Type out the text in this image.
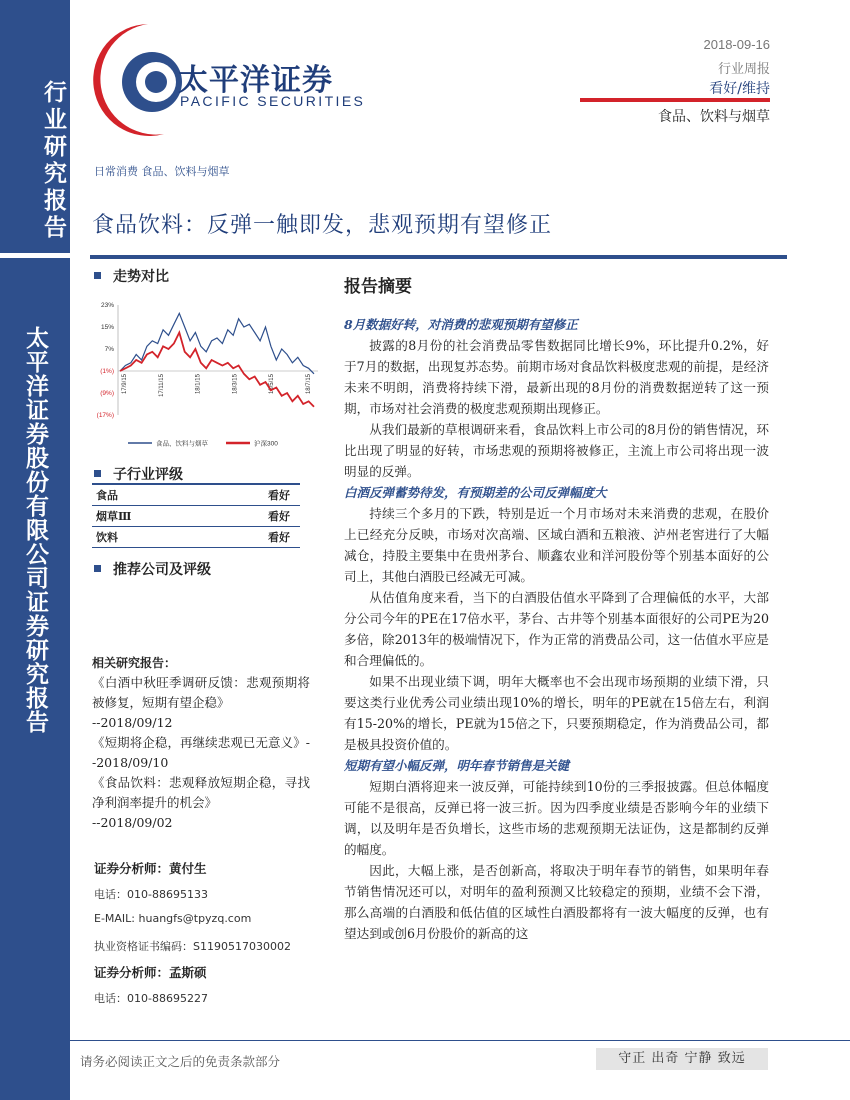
行业研究报告
太平洋证券股份有限公司证券研究报告
太平洋证券
PACIFIC SECURITIES
2018-09-16
行业周报
看好/维持
食品、饮料与烟草
日常消费 食品、饮料与烟草
食品饮料：反弹一触即发，悲观预期有望修正
走势对比
23%
15%
7%
(1%)
(9%)
(17%)
17/9/15	17/11/15	18/1/15	18/3/15	18/5/15	18/7/15
食品、饮料与烟草	沪深300
子行业评级
食品	看好
烟草Ⅲ	看好
饮料	看好
推荐公司及评级
相关研究报告：
《白酒中秋旺季调研反馈：悲观预期将被修复，短期有望企稳》
--2018/09/12
《短期将企稳，再继续悲观已无意义》--2018/09/10
《食品饮料：悲观释放短期企稳，寻找净利润率提升的机会》
--2018/09/02
证券分析师：黄付生
电话：010-88695133
E-MAIL: huangfs@tpyzq.com
执业资格证书编码：S1190517030002
证券分析师：孟斯硕
电话：010-88695227
报告摘要

8月数据好转，对消费的悲观预期有望修正

披露的8月份的社会消费品零售数据同比增长9%，环比提升0.2%，好于7月的数据，出现复苏态势。前期市场对食品饮料极度悲观的前提，是经济未来不明朗，消费将持续下滑，最新出现的8月份的消费数据逆转了这一预期，市场对社会消费的极度悲观预期出现修正。

从我们最新的草根调研来看，食品饮料上市公司的8月份的销售情况，环比出现了明显的好转，市场悲观的预期将被修正，主流上市公司将出现一波明显的反弹。

白酒反弹蓄势待发，有预期差的公司反弹幅度大

持续三个多月的下跌，特别是近一个月市场对未来消费的悲观，在股价上已经充分反映，市场对次高端、区域白酒和五粮液、泸州老窖进行了大幅减仓，持股主要集中在贵州茅台、顺鑫农业和洋河股份等个别基本面好的公司上，其他白酒股已经减无可减。

从估值角度来看，当下的白酒股估值水平降到了合理偏低的水平，大部分公司今年的PE在17倍水平，茅台、古井等个别基本面很好的公司PE为20多倍，除2013年的极端情况下，作为正常的消费品公司，这一估值水平应是和合理偏低的。

如果不出现业绩下调，明年大概率也不会出现市场预期的业绩下滑，只要这类行业优秀公司业绩出现10%的增长，明年的PE就在15倍左右，利润有15-20%的增长，PE就为15倍之下，只要预期稳定，作为消费品公司，都是极具投资价值的。

短期有望小幅反弹，明年春节销售是关键

短期白酒将迎来一波反弹，可能持续到10份的三季报披露。但总体幅度可能不是很高，反弹已将一波三折。因为四季度业绩是否影响今年的业绩下调，以及明年是否负增长，这些市场的悲观预期无法证伪，这是都制约反弹的幅度。

因此，大幅上涨，是否创新高，将取决于明年春节的销售，如果明年春节销售情况还可以，对明年的盈利预测又比较稳定的预期，业绩不会下滑，那么高端的白酒股和低估值的区域性白酒股都将有一波大幅度的反弹，也有望达到或创6月份股价的新高的这

请务必阅读正文之后的免责条款部分	守正 出奇 宁静 致远
